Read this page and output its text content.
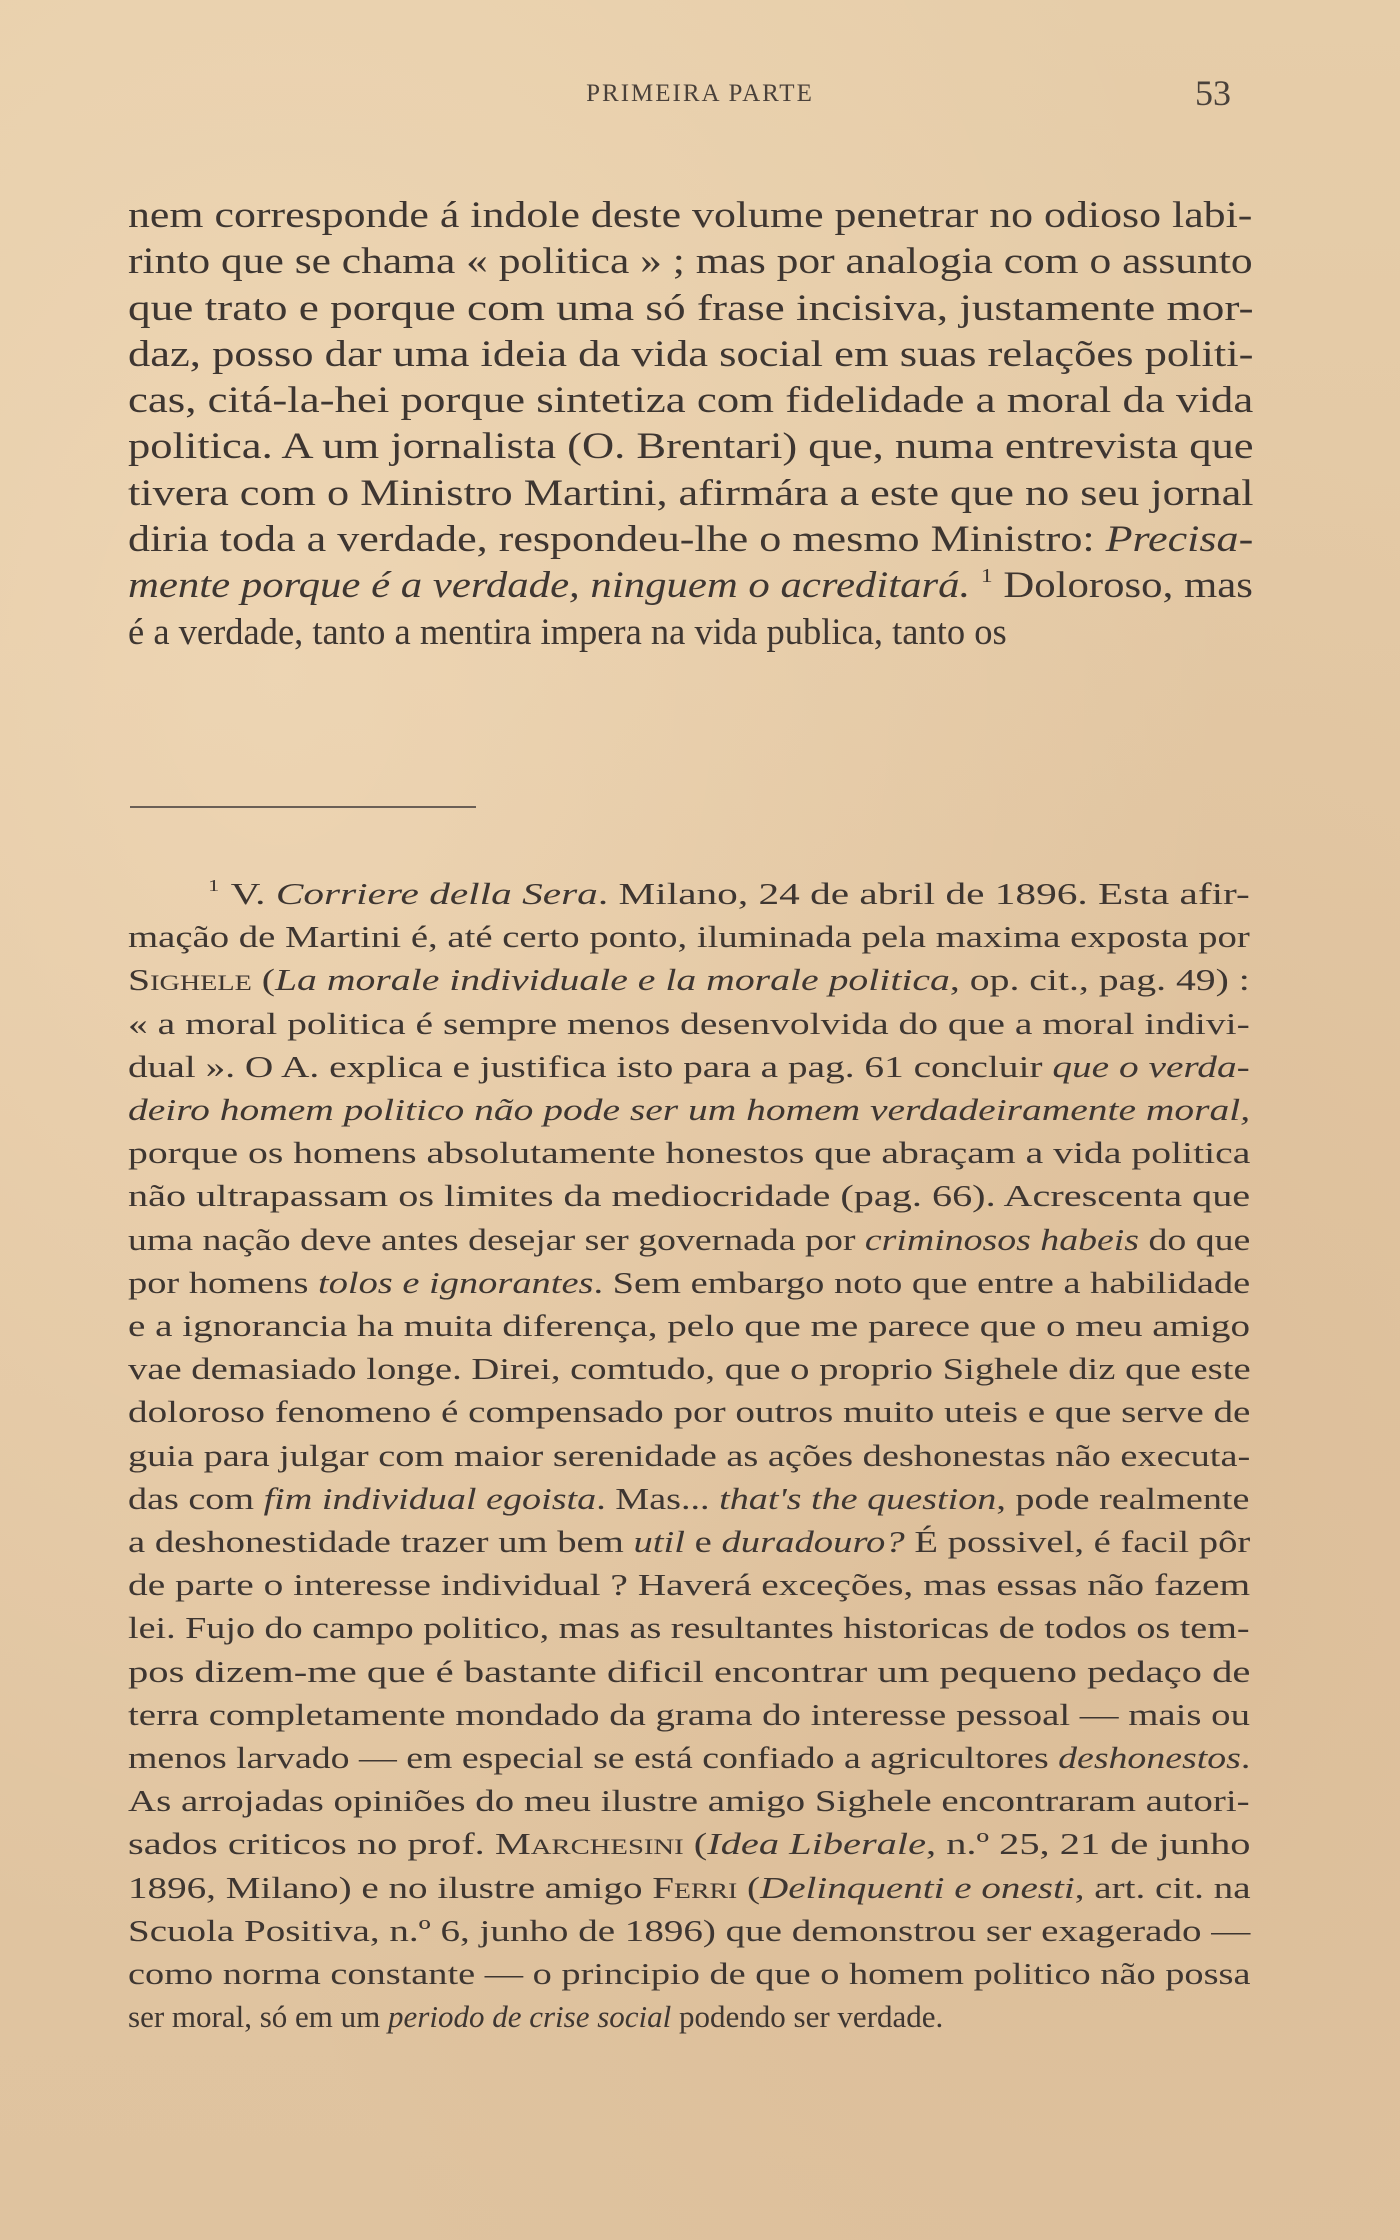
PRIMEIRA PARTE	53
nem corresponde á indole deste volume penetrar no odioso labi-
rinto que se chama « politica » ; mas por analogia com o assunto
que trato e porque com uma só frase incisiva, justamente mor-
daz, posso dar uma ideia da vida social em suas relações politi-
cas, citá-la-hei porque sintetiza com fidelidade a moral da vida
politica. A um jornalista (O. Brentari) que, numa entrevista que
tivera com o Ministro Martini, afirmára a este que no seu jornal
diria toda a verdade, respondeu-lhe o mesmo Ministro: Precisa-
mente porque é a verdade, ninguem o acreditará. $^1$ Doloroso, mas
é a verdade, tanto a mentira impera na vida publica, tanto os
$^1$ V. Corriere della Sera. Milano, 24 de abril de 1896. Esta afir-
mação de Martini é, até certo ponto, iluminada pela maxima exposta por
Sighele (La morale individuale e la morale politica, op. cit., pag. 49) :
« a moral politica é sempre menos desenvolvida do que a moral indivi-
dual ». O A. explica e justifica isto para a pag. 61 concluir que o verda-
deiro homem politico não pode ser um homem verdadeiramente moral,
porque os homens absolutamente honestos que abraçam a vida politica
não ultrapassam os limites da mediocridade (pag. 66). Acrescenta que
uma nação deve antes desejar ser governada por criminosos habeis do que
por homens tolos e ignorantes. Sem embargo noto que entre a habilidade
e a ignorancia ha muita diferença, pelo que me parece que o meu amigo
vae demasiado longe. Direi, comtudo, que o proprio Sighele diz que este
doloroso fenomeno é compensado por outros muito uteis e que serve de
guia para julgar com maior serenidade as ações deshonestas não executa-
das com fim individual egoista. Mas... that's the question, pode realmente
a deshonestidade trazer um bem util e duradouro? É possivel, é facil pôr
de parte o interesse individual ? Haverá exceções, mas essas não fazem
lei. Fujo do campo politico, mas as resultantes historicas de todos os tem-
pos dizem-me que é bastante dificil encontrar um pequeno pedaço de
terra completamente mondado da grama do interesse pessoal — mais ou
menos larvado — em especial se está confiado a agricultores deshonestos.
As arrojadas opiniões do meu ilustre amigo Sighele encontraram autori-
sados criticos no prof. Marchesini (Idea Liberale, n.º 25, 21 de junho
1896, Milano) e no ilustre amigo Ferri (Delinquenti e onesti, art. cit. na
Scuola Positiva, n.º 6, junho de 1896) que demonstrou ser exagerado —
como norma constante — o principio de que o homem politico não possa
ser moral, só em um periodo de crise social podendo ser verdade.
